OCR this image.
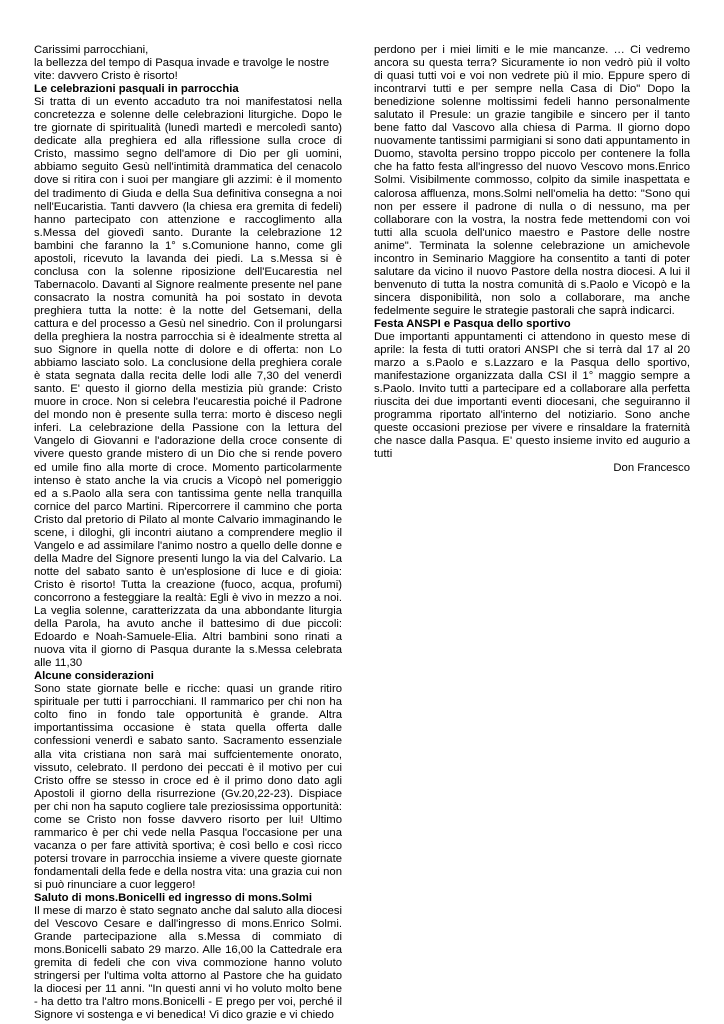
Carissimi parrocchiani,
la bellezza del tempo di Pasqua invade e travolge le nostre vite: davvero Cristo è risorto!

Le celebrazioni pasquali in parrocchia

Si tratta di un evento accaduto tra noi manifestatosi nella concretezza e solenne delle celebrazioni liturgiche. Dopo le tre giornate di spiritualità (lunedì martedì e mercoledì santo) dedicate alla preghiera ed alla riflessione sulla croce di Cristo, massimo segno dell'amore di Dio per gli uomini, abbiamo seguito Gesù nell'intimità drammatica del cenacolo dove si ritira con i suoi per mangiare gli azzimi: è il momento del tradimento di Giuda e della Sua definitiva consegna a noi nell'Eucaristia. Tanti davvero (la chiesa era gremita di fedeli) hanno partecipato con attenzione e raccoglimento alla s.Messa del giovedì santo. Durante la celebrazione 12 bambini che faranno la 1° s.Comunione hanno, come gli apostoli, ricevuto la lavanda dei piedi. La s.Messa si è conclusa con la solenne riposizione dell'Eucarestia nel Tabernacolo. Davanti al Signore realmente presente nel pane consacrato la nostra comunità ha poi sostato in devota preghiera tutta la notte: è la notte del Getsemani, della cattura e del processo a Gesù nel sinedrio. Con il prolungarsi della preghiera la nostra parrocchia si è idealmente stretta al suo Signore in quella notte di dolore e di offerta: non Lo abbiamo lasciato solo. La conclusione della preghiera corale è stata segnata dalla recita delle lodi alle 7,30 del venerdì santo. E' questo il giorno della mestizia più grande: Cristo muore in croce. Non si celebra l'eucarestia poiché il Padrone del mondo non è presente sulla terra: morto è disceso negli inferi. La celebrazione della Passione con la lettura del Vangelo di Giovanni e l'adorazione della croce consente di vivere questo grande mistero di un Dio che si rende povero ed umile fino alla morte di croce. Momento particolarmente intenso è stato anche la via crucis a Vicopò nel pomeriggio ed a s.Paolo alla sera con tantissima gente nella tranquilla cornice del parco Martini. Ripercorrere il cammino che porta Cristo dal pretorio di Pilato al monte Calvario immaginando le scene, i diloghi, gli incontri aiutano a comprendere meglio il Vangelo e ad assimilare l'animo nostro a quello delle donne e della Madre del Signore presenti lungo la via del Calvario. La notte del sabato santo è un'esplosione di luce e di gioia: Cristo è risorto! Tutta la creazione (fuoco, acqua, profumi) concorrono a festeggiare la realtà: Egli è vivo in mezzo a noi. La veglia solenne, caratterizzata da una abbondante liturgia della Parola, ha avuto anche il battesimo di due piccoli: Edoardo e Noah-Samuele-Elia. Altri bambini sono rinati a nuova vita il giorno di Pasqua durante la s.Messa celebrata alle 11,30

Alcune considerazioni

Sono state giornate belle e ricche: quasi un grande ritiro spirituale per tutti i parrocchiani. Il rammarico per chi non ha colto fino in fondo tale opportunità è grande. Altra importantissima occasione è stata quella offerta dalle confessioni venerdì e sabato santo. Sacramento essenziale alla vita cristiana non sarà mai suffcientemente onorato, vissuto, celebrato. Il perdono dei peccati è il motivo per cui Cristo offre se stesso in croce ed è il primo dono dato agli Apostoli il giorno della risurrezione (Gv.20,22-23). Dispiace per chi non ha saputo cogliere tale preziosissima opportunità: come se Cristo non fosse davvero risorto per lui! Ultimo rammarico è per chi vede nella Pasqua l'occasione per una vacanza o per fare attività sportiva; è così bello e così ricco potersi trovare in parrocchia insieme a vivere queste giornate fondamentali della fede e della nostra vita: una grazia cui non si può rinunciare a cuor leggero!

Saluto di mons.Bonicelli ed ingresso di mons.Solmi

Il mese di marzo è stato segnato anche dal saluto alla diocesi del Vescovo Cesare e dall'ingresso di mons.Enrico Solmi. Grande partecipazione alla s.Messa di commiato di mons.Bonicelli sabato 29 marzo. Alle 16,00 la Cattedrale era gremita di fedeli che con viva commozione hanno voluto stringersi per l'ultima volta attorno al Pastore che ha guidato la diocesi per 11 anni. "In questi anni vi ho voluto molto bene - ha detto tra l'altro mons.Bonicelli - E prego per voi, perché il Signore vi sostenga e vi benedica! Vi dico grazie e vi chiedo

perdono per i miei limiti e le mie mancanze. … Ci vedremo ancora su questa terra? Sicuramente io non vedrò più il volto di quasi tutti voi e voi non vedrete più il mio. Eppure spero di incontrarvi tutti e per sempre nella Casa di Dio" Dopo la benedizione solenne moltissimi fedeli hanno personalmente salutato il Presule: un grazie tangibile e sincero per il tanto bene fatto dal Vascovo alla chiesa di Parma. Il giorno dopo nuovamente tantissimi parmigiani si sono dati appuntamento in Duomo, stavolta persino troppo piccolo per contenere la folla che ha fatto festa all'ingresso del nuovo Vescovo mons.Enrico Solmi. Visibilmente commosso, colpito da simile inaspettata e calorosa affluenza, mons.Solmi nell'omelia ha detto: "Sono qui non per essere il padrone di nulla o di nessuno, ma per collaborare con la vostra, la nostra fede mettendomi con voi tutti alla scuola dell'unico maestro e Pastore delle nostre anime". Terminata la solenne celebrazione un amichevole incontro in Seminario Maggiore ha consentito a tanti di poter salutare da vicino il nuovo Pastore della nostra diocesi. A lui il benvenuto di tutta la nostra comunità di s.Paolo e Vicopò e la sincera disponibilità, non solo a collaborare, ma anche fedelmente seguire le strategie pastorali che saprà indicarci.

Festa ANSPI e Pasqua dello sportivo

Due importanti appuntamenti ci attendono in questo mese di aprile: la festa di tutti oratori ANSPI che si terrà dal 17 al 20 marzo a s.Paolo e s.Lazzaro e la Pasqua dello sportivo, manifestazione organizzata dalla CSI il 1° maggio sempre a s.Paolo. Invito tutti a partecipare ed a collaborare alla perfetta riuscita dei due importanti eventi diocesani, che seguiranno il programma riportato all'interno del notiziario. Sono anche queste occasioni preziose per vivere e rinsaldare la fraternità che nasce dalla Pasqua. E' questo insieme invito ed augurio a tutti

Don Francesco
